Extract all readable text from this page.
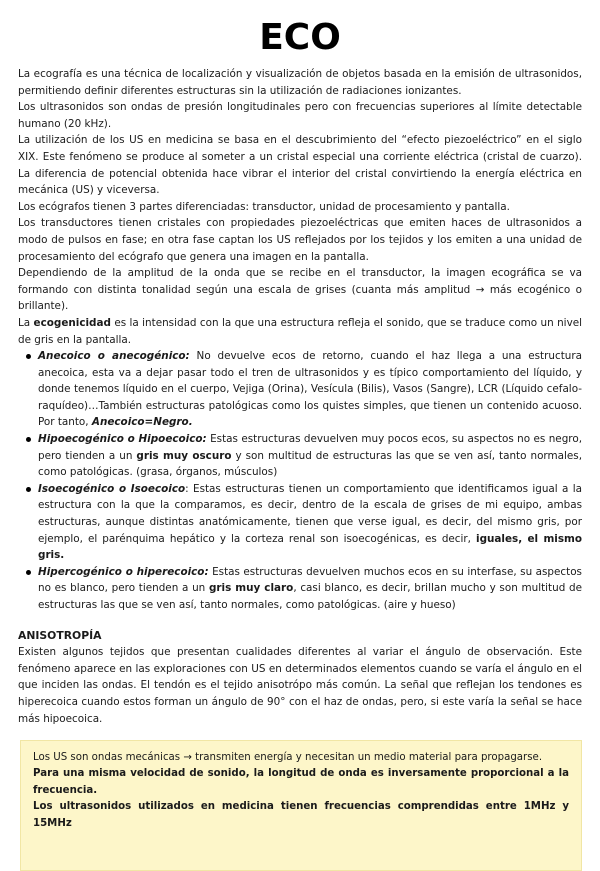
ECO

La ecografía es una técnica de localización y visualización de objetos basada en la emisión de ultrasonidos, permitiendo definir diferentes estructuras sin la utilización de radiaciones ionizantes.

Los ultrasonidos son ondas de presión longitudinales pero con frecuencias superiores al límite detectable humano (20 kHz).

La utilización de los US en medicina se basa en el descubrimiento del “efecto piezoeléctrico” en el siglo XIX. Este fenómeno se produce al someter a un cristal especial una corriente eléctrica (cristal de cuarzo). La diferencia de potencial obtenida hace vibrar el interior del cristal convirtiendo la energía eléctrica en mecánica (US) y viceversa.

Los ecógrafos tienen 3 partes diferenciadas: transductor, unidad de procesamiento y pantalla.

Los transductores tienen cristales con propiedades piezoeléctricas que emiten haces de ultrasonidos a modo de pulsos en fase; en otra fase captan los US reflejados por los tejidos y los emiten a una unidad de procesamiento del ecógrafo que genera una imagen en la pantalla.

Dependiendo de la amplitud de la onda que se recibe en el transductor, la imagen ecográfica se va formando con distinta tonalidad según una escala de grises (cuanta más amplitud → más ecogénico o brillante).

La ecogenicidad es la intensidad con la que una estructura refleja el sonido, que se traduce como un nivel de gris en la pantalla.

Anecoico o anecogénico: No devuelve ecos de retorno, cuando el haz llega a una estructura anecoica, esta va a dejar pasar todo el tren de ultrasonidos y es típico comportamiento del líquido, y donde tenemos líquido en el cuerpo, Vejiga (Orina), Vesícula (Bilis), Vasos (Sangre), LCR (Líquido cefalo-raquídeo)…También estructuras patológicas como los quistes simples, que tienen un contenido acuoso. Por tanto, Anecoico=Negro.
Hipoecogénico o Hipoecoico: Estas estructuras devuelven muy pocos ecos, su aspectos no es negro, pero tienden a un gris muy oscuro y son multitud de estructuras las que se ven así, tanto normales, como patológicas. (grasa, órganos, músculos)
Isoecogénico o Isoecoico: Estas estructuras tienen un comportamiento que identificamos igual a la estructura con la que la comparamos, es decir, dentro de la escala de grises de mi equipo, ambas estructuras, aunque distintas anatómicamente, tienen que verse igual, es decir, del mismo gris, por ejemplo, el parénquima hepático y la corteza renal son isoecogénicas, es decir, iguales, el mismo gris.
Hipercogénico o hiperecoico: Estas estructuras devuelven muchos ecos en su interfase, su aspectos no es blanco, pero tienden a un gris muy claro, casi blanco, es decir, brillan mucho y son multitud de estructuras las que se ven así, tanto normales, como patológicas. (aire y hueso)

ANISOTROPÍA

Existen algunos tejidos que presentan cualidades diferentes al variar el ángulo de observación. Este fenómeno aparece en las exploraciones con US en determinados elementos cuando se varía el ángulo en el que inciden las ondas. El tendón es el tejido anisotrópo más común. La señal que reflejan los tendones es hiperecoica cuando estos forman un ángulo de 90° con el haz de ondas, pero, si este varía la señal se hace más hipoecoica.

Los US son ondas mecánicas → transmiten energía y necesitan un medio material para propagarse.

Para una misma velocidad de sonido, la longitud de onda es inversamente proporcional a la frecuencia.

Los ultrasonidos utilizados en medicina tienen frecuencias comprendidas entre 1MHz y 15MHz
